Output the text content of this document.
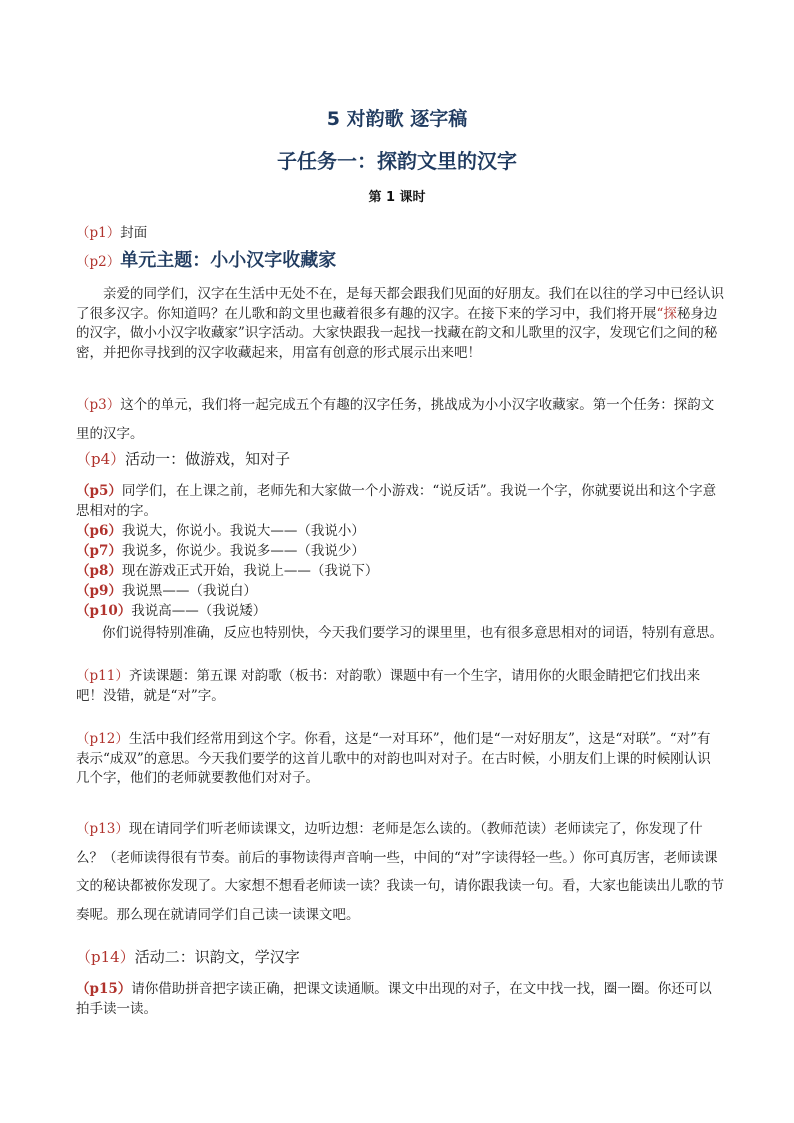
5 对韵歌 逐字稿
子任务一：探韵文里的汉字
第 1 课时
（p1）封面
（p2）单元主题：小小汉字收藏家
亲爱的同学们，汉字在生活中无处不在，是每天都会跟我们见面的好朋友。我们在以往的学习中已经认识了很多汉字。你知道吗？在儿歌和韵文里也藏着很多有趣的汉字。在接下来的学习中，我们将开展“探秘身边的汉字，做小小汉字收藏家”识字活动。大家快跟我一起找一找藏在韵文和儿歌里的汉字，发现它们之间的秘密，并把你寻找到的汉字收藏起来，用富有创意的形式展示出来吧！
（p3）这个的单元，我们将一起完成五个有趣的汉字任务，挑战成为小小汉字收藏家。第一个任务：探韵文里的汉字。
（p4）活动一：做游戏，知对子
（p5）同学们，在上课之前，老师先和大家做一个小游戏：“说反话”。我说一个字，你就要说出和这个字意思相对的字。
（p6）我说大，你说小。我说大——（我说小）
（p7）我说多，你说少。我说多——（我说少）
（p8）现在游戏正式开始，我说上——（我说下）
（p9）我说黑——（我说白）
（p10）我说高——（我说矮）
你们说得特别准确，反应也特别快，今天我们要学习的课里里，也有很多意思相对的词语，特别有意思。
（p11）齐读课题：第五课 对韵歌（板书：对韵歌）课题中有一个生字，请用你的火眼金睛把它们找出来吧！没错，就是“对”字。
（p12）生活中我们经常用到这个字。你看，这是“一对耳环”，他们是“一对好朋友”，这是“对联”。“对”有表示“成双”的意思。今天我们要学的这首儿歌中的对韵也叫对对子。在古时候，小朋友们上课的时候刚认识几个字，他们的老师就要教他们对对子。
（p13）现在请同学们听老师读课文，边听边想：老师是怎么读的。（教师范读）老师读完了，你发现了什么？（老师读得很有节奏。前后的事物读得声音响一些，中间的“对”字读得轻一些。）你可真厉害，老师读课文的秘诀都被你发现了。大家想不想看老师读一读？我读一句，请你跟我读一句。看，大家也能读出儿歌的节奏呢。那么现在就请同学们自己读一读课文吧。
（p14）活动二：识韵文，学汉字
（p15）请你借助拼音把字读正确，把课文读通顺。课文中出现的对子，在文中找一找，圈一圈。你还可以拍手读一读。
